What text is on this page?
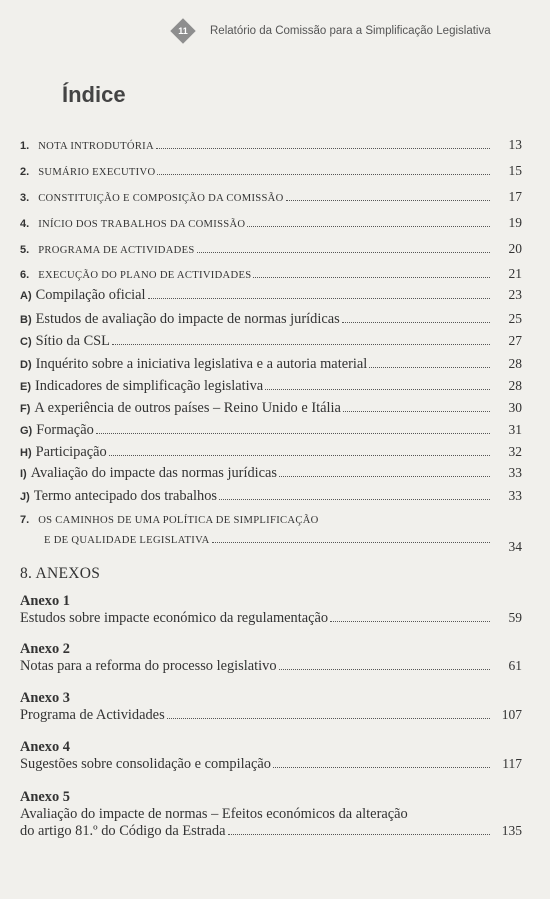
11	Relatório da Comissão para a Simplificação Legislativa
Índice
1. NOTA INTRODUTÓRIA	13
2. SUMÁRIO EXECUTIVO	15
3. CONSTITUIÇÃO E COMPOSIÇÃO DA COMISSÃO	17
4. INÍCIO DOS TRABALHOS DA COMISSÃO	19
5. PROGRAMA DE ACTIVIDADES	20
6. EXECUÇÃO DO PLANO DE ACTIVIDADES	21
A) Compilação oficial	23
B) Estudos de avaliação do impacte de normas jurídicas	25
C) Sítio da CSL	27
D) Inquérito sobre a iniciativa legislativa e a autoria material	28
E) Indicadores de simplificação legislativa	28
F) A experiência de outros países – Reino Unido e Itália	30
G) Formação	31
H) Participação	32
I) Avaliação do impacte das normas jurídicas	33
J) Termo antecipado dos trabalhos	33
7. OS CAMINHOS DE UMA POLÍTICA DE SIMPLIFICAÇÃO
E DE QUALIDADE LEGISLATIVA	34
8. ANEXOS
Anexo 1
Estudos sobre impacte económico da regulamentação	59
Anexo 2
Notas para a reforma do processo legislativo	61
Anexo 3
Programa de Actividades	107
Anexo 4
Sugestões sobre consolidação e compilação	117
Anexo 5
Avaliação do impacte de normas – Efeitos económicos da alteração
do artigo 81.º do Código da Estrada	135
